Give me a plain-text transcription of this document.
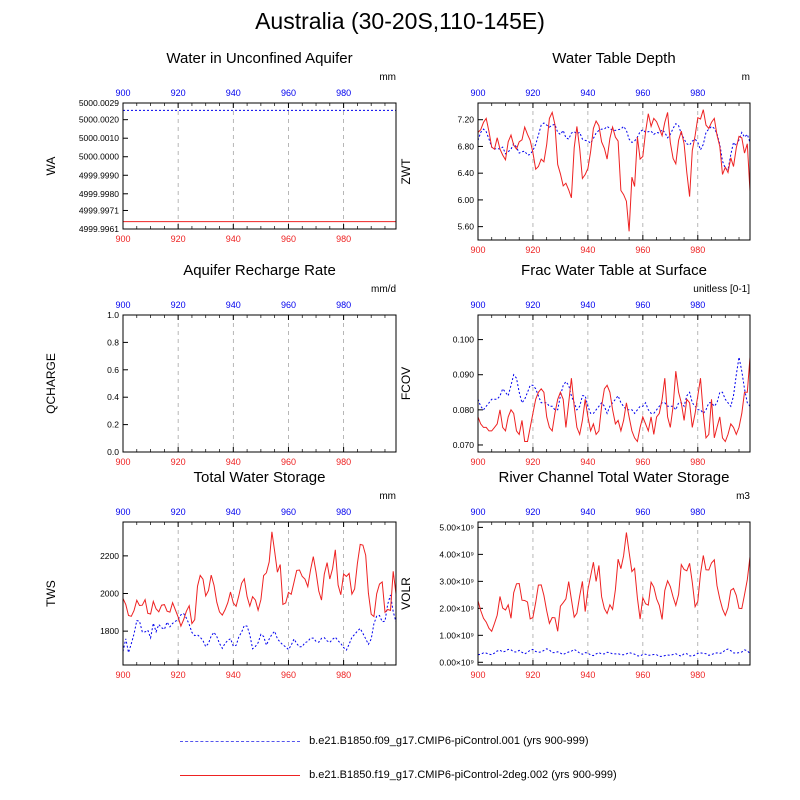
Australia (30-20S,110-145E)
Water in Unconfined Aquifer
mm
WA
900
900
920
920
940
940
960
960
980
980
4999.9961
4999.9971
4999.9980
4999.9990
5000.0000
5000.0010
5000.0020
5000.0029
Water Table Depth
m
ZWT
900
900
920
920
940
940
960
960
980
980
5.60
6.00
6.40
6.80
7.20
Aquifer Recharge Rate
mm/d
QCHARGE
900
900
920
920
940
940
960
960
980
980
0.0
0.2
0.4
0.6
0.8
1.0
Frac Water Table at Surface
unitless [0-1]
FCOV
900
900
920
920
940
940
960
960
980
980
0.070
0.080
0.090
0.100
Total Water Storage
mm
TWS
900
900
920
920
940
940
960
960
980
980
1800
2000
2200
River Channel Total Water Storage
m3
VOLR
900
900
920
920
940
940
960
960
980
980
0.00×10⁹
1.00×10⁹
2.00×10⁹
3.00×10⁹
4.00×10⁹
5.00×10⁹
b.e21.B1850.f09_g17.CMIP6-piControl.001 (yrs 900-999)
b.e21.B1850.f19_g17.CMIP6-piControl-2deg.002 (yrs 900-999)
